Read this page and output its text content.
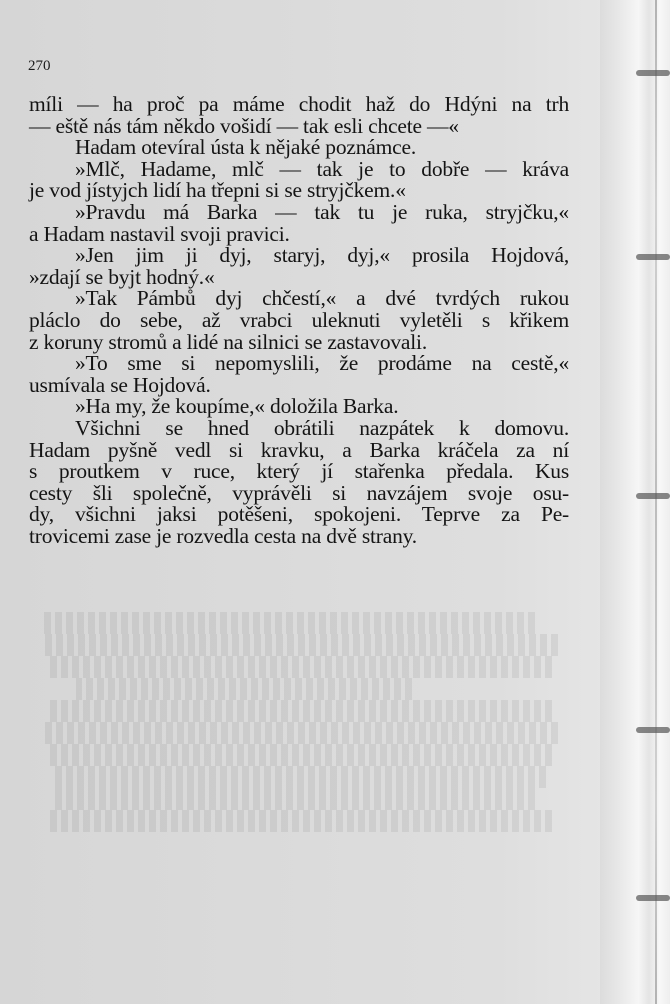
270
míli — ha proč pa máme chodit haž do Hdýni na trh
— eště nás tám někdo vošidí — tak esli chcete —«
Hadam otevíral ústa k nějaké poznámce.
»Mlč, Hadame, mlč — tak je to dobře — kráva
je vod jístyjch lidí ha třepni si se stryjčkem.«
»Pravdu má Barka — tak tu je ruka, stryjčku,«
a Hadam nastavil svoji pravici.
»Jen jim ji dyj, staryj, dyj,« prosila Hojdová,
»zdají se byjt hodný.«
»Tak Pámbů dyj chčestí,« a dvé tvrdých rukou
pláclo do sebe, až vrabci uleknuti vyletěli s křikem
z koruny stromů a lidé na silnici se zastavovali.
»To sme si nepomyslili, že prodáme na cestě,«
usmívala se Hojdová.
»Ha my, že koupíme,« doložila Barka.
Všichni se hned obrátili nazpátek k domovu.
Hadam pyšně vedl si kravku, a Barka kráčela za ní
s proutkem v ruce, který jí stařenka předala. Kus
cesty šli společně, vyprávěli si navzájem svoje osu-
dy, všichni jaksi potěšeni, spokojeni. Teprve za Pe-
trovicemi zase je rozvedla cesta na dvě strany.
